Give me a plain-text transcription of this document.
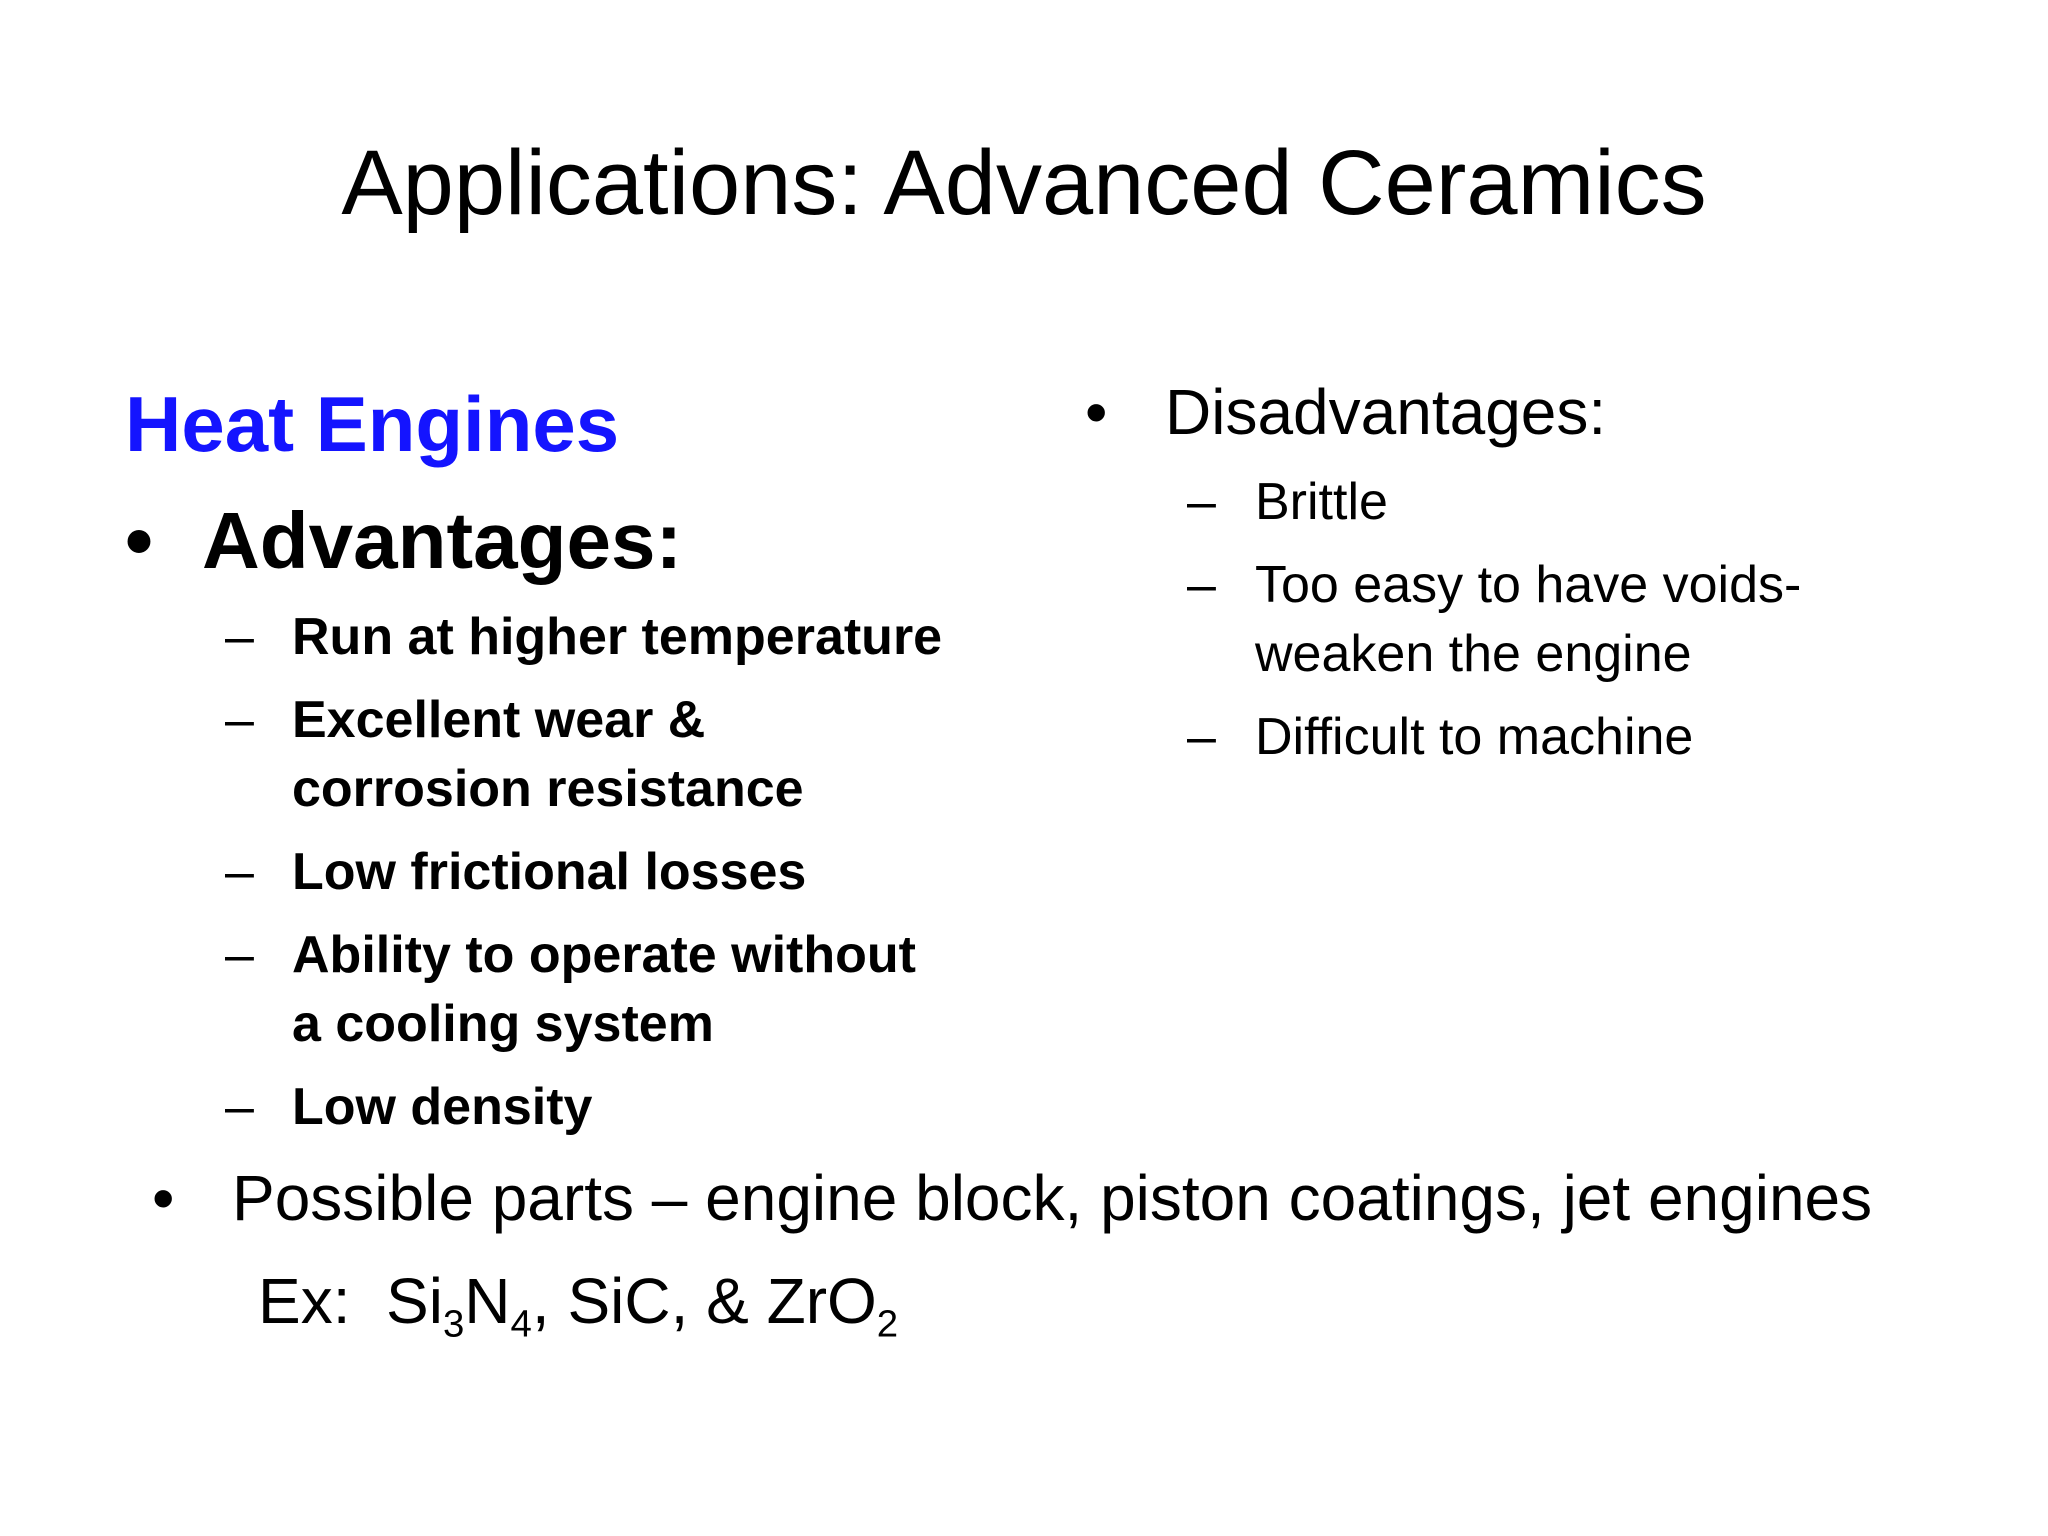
Applications: Advanced Ceramics
Heat Engines
• Advantages:
– Run at higher temperature
– Excellent wear &
corrosion resistance
– Low frictional losses
– Ability to operate without
a cooling system
– Low density
• Disadvantages:
– Brittle
– Too easy to have voids-
weaken the engine
– Difficult to machine
• Possible parts – engine block, piston coatings, jet engines
Ex: $Si_3N_4$, SiC, & ZrO$_2$
